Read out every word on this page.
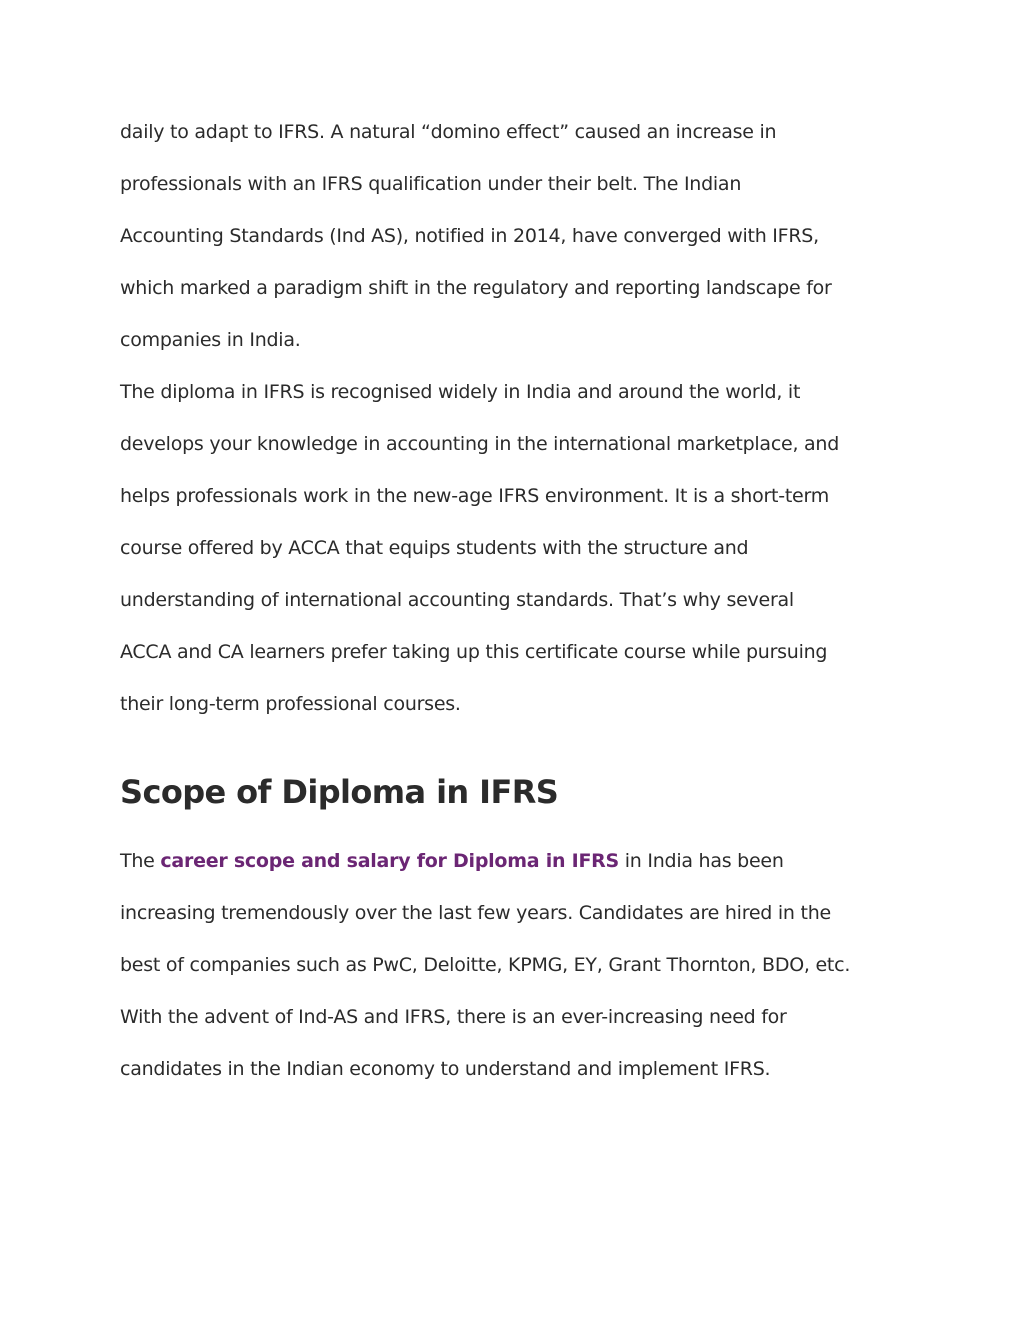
daily to adapt to IFRS. A natural “domino effect” caused an increase in
professionals with an IFRS qualification under their belt. The Indian
Accounting Standards (Ind AS), notified in 2014, have converged with IFRS,
which marked a paradigm shift in the regulatory and reporting landscape for
companies in India.
The diploma in IFRS is recognised widely in India and around the world, it
develops your knowledge in accounting in the international marketplace, and
helps professionals work in the new-age IFRS environment. It is a short-term
course offered by ACCA that equips students with the structure and
understanding of international accounting standards. That’s why several
ACCA and CA learners prefer taking up this certificate course while pursuing
their long-term professional courses.
Scope of Diploma in IFRS
The career scope and salary for Diploma in IFRS in India has been
increasing tremendously over the last few years. Candidates are hired in the
best of companies such as PwC, Deloitte, KPMG, EY, Grant Thornton, BDO, etc.
With the advent of Ind-AS and IFRS, there is an ever-increasing need for
candidates in the Indian economy to understand and implement IFRS.
